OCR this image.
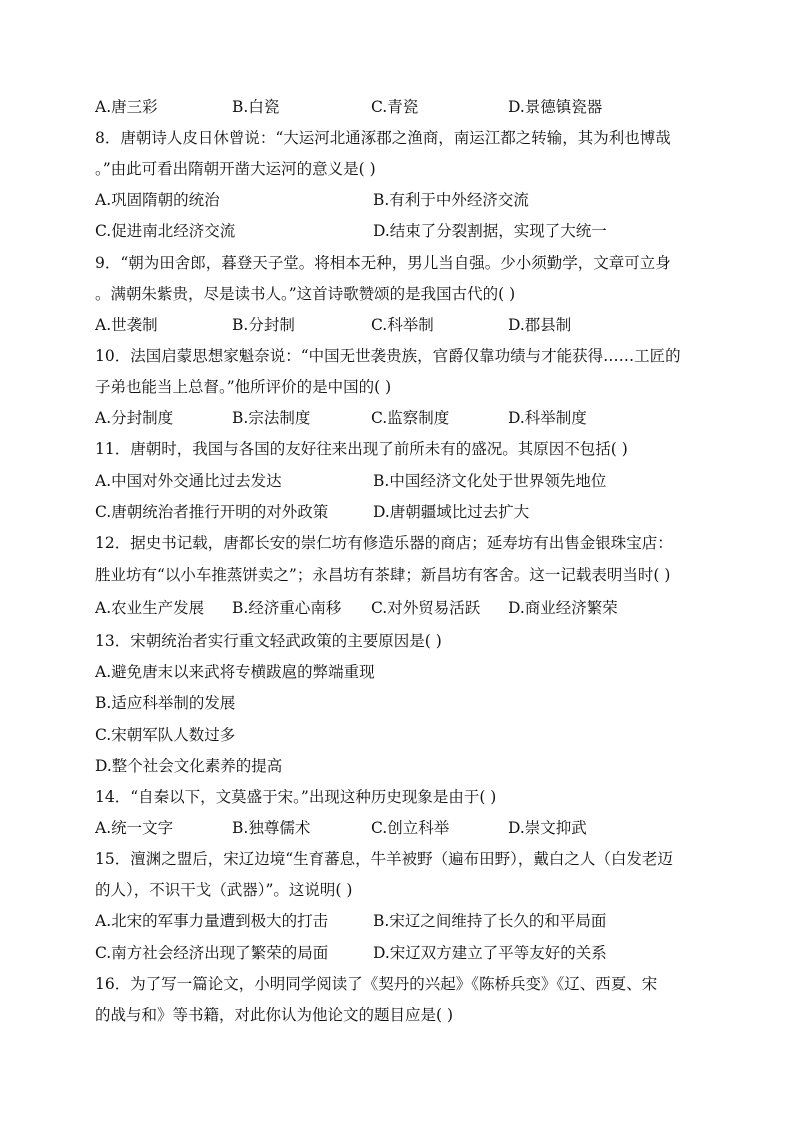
A.唐三彩	B.白瓷	C.青瓷	D.景德镇瓷器
8．唐朝诗人皮日休曾说：“大运河北通涿郡之渔商，南运江都之转输，其为利也博哉
。”由此可看出隋朝开凿大运河的意义是( )
A.巩固隋朝的统治	B.有利于中外经济交流
C.促进南北经济交流	D.结束了分裂割据，实现了大统一
9．“朝为田舍郎，暮登天子堂。将相本无种，男儿当自强。少小须勤学，文章可立身
。满朝朱紫贵，尽是读书人。”这首诗歌赞颂的是我国古代的( )
A.世袭制	B.分封制	C.科举制	D.郡县制
10．法国启蒙思想家魁奈说：“中国无世袭贵族，官爵仅靠功绩与才能获得……工匠的
子弟也能当上总督。”他所评价的是中国的( )
A.分封制度	B.宗法制度	C.监察制度	D.科举制度
11．唐朝时，我国与各国的友好往来出现了前所未有的盛况。其原因不包括( )
A.中国对外交通比过去发达	B.中国经济文化处于世界领先地位
C.唐朝统治者推行开明的对外政策	D.唐朝疆域比过去扩大
12．据史书记载，唐都长安的崇仁坊有修造乐器的商店；延寿坊有出售金银珠宝店：
胜业坊有“以小车推蒸饼卖之”；永昌坊有茶肆；新昌坊有客舍。这一记载表明当时( )
A.农业生产发展 B.经济重心南移 C.对外贸易活跃 D.商业经济繁荣
13．宋朝统治者实行重文轻武政策的主要原因是( )
A.避免唐末以来武将专横跋扈的弊端重现
B.适应科举制的发展
C.宋朝军队人数过多
D.整个社会文化素养的提高
14．“自秦以下，文莫盛于宋。”出现这种历史现象是由于( )
A.统一文字	B.独尊儒术	C.创立科举	D.崇文抑武
15．澶渊之盟后，宋辽边境“生育蕃息，牛羊被野（遍布田野），戴白之人（白发老迈
的人），不识干戈（武器）”。这说明( )
A.北宋的军事力量遭到极大的打击	B.宋辽之间维持了长久的和平局面
C.南方社会经济出现了繁荣的局面	D.宋辽双方建立了平等友好的关系
16．为了写一篇论文，小明同学阅读了《契丹的兴起》《陈桥兵变》《辽、西夏、宋
的战与和》等书籍，对此你认为他论文的题目应是( )
